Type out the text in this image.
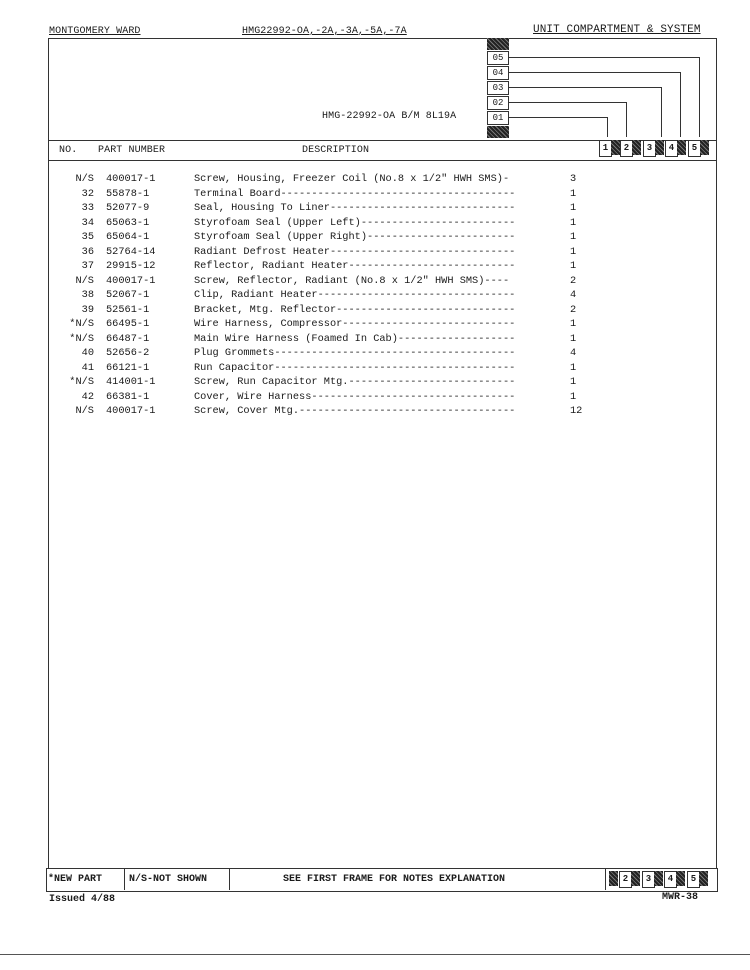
MONTGOMERY WARD	HMG22992-OA,-2A,-3A,-5A,-7A	UNIT COMPARTMENT & SYSTEM
05
04
03
02
01
HMG-22992-OA B/M 8L19A
NO. PART NUMBER	DESCRIPTION	1	2	3	4	5
N/S 400017-1	Screw, Housing, Freezer Coil (No.8 x 1/2" HWH SMS)-	3
32 55878-1	Terminal Board--------------------------------------	1
33 52077-9	Seal, Housing To Liner------------------------------	1
34 65063-1	Styrofoam Seal (Upper Left)-------------------------	1
35 65064-1	Styrofoam Seal (Upper Right)------------------------	1
36 52764-14	Radiant Defrost Heater------------------------------	1
37 29915-12	Reflector, Radiant Heater---------------------------	1
N/S 400017-1	Screw, Reflector, Radiant (No.8 x 1/2" HWH SMS)----	2
38 52067-1	Clip, Radiant Heater--------------------------------	4
39 52561-1	Bracket, Mtg. Reflector-----------------------------	2
*N/S 66495-1	Wire Harness, Compressor----------------------------	1
*N/S 66487-1	Main Wire Harness (Foamed In Cab)-------------------	1
40 52656-2	Plug Grommets---------------------------------------	4
41 66121-1	Run Capacitor---------------------------------------	1
*N/S 414001-1	Screw, Run Capacitor Mtg.---------------------------	1
42 66381-1	Cover, Wire Harness---------------------------------	1
N/S 400017-1	Screw, Cover Mtg.-----------------------------------	12
*NEW PART	N/S-NOT SHOWN	SEE FIRST FRAME FOR NOTES EXPLANATION	2	3	4	5
Issued 4/88	MWR-38
